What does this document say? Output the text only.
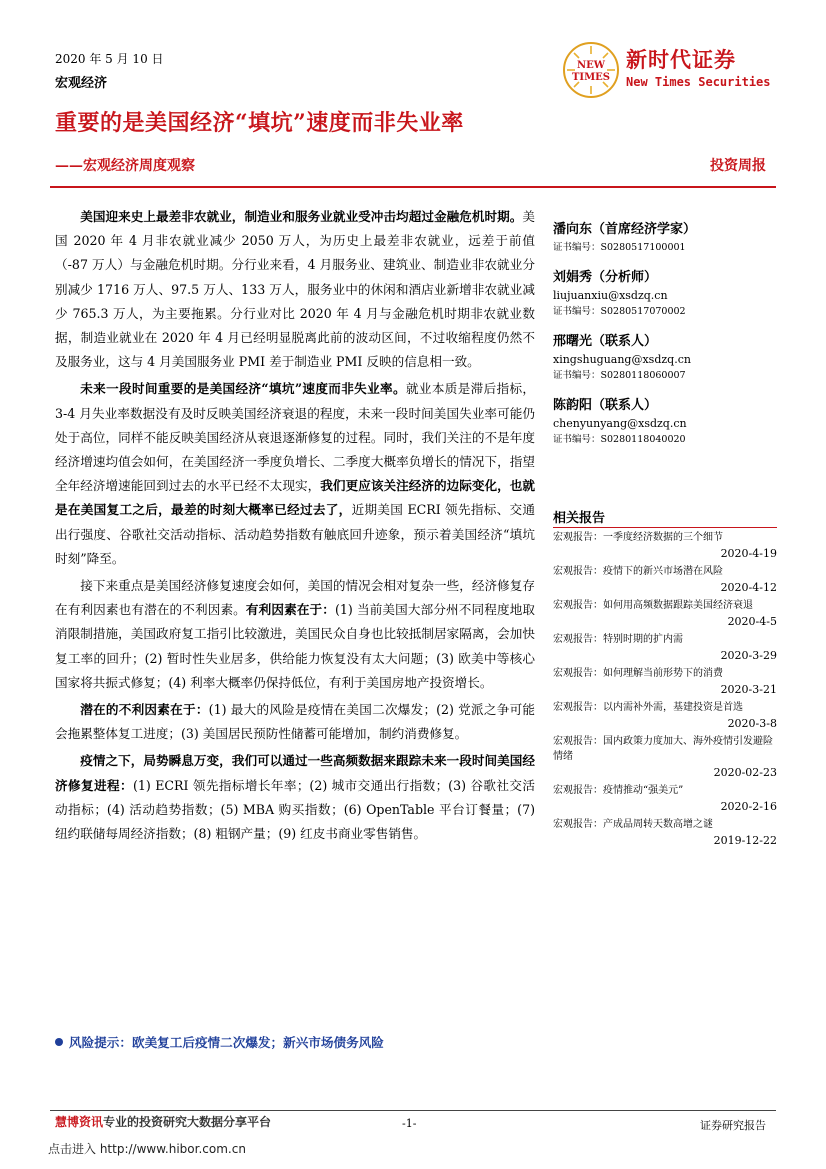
2020 年 5 月 10 日
宏观经济
重要的是美国经济“填坑”速度而非失业率
——宏观经济周度观察	投资周报
NEW
TIMES
新时代证券
New Times Securities

美国迎来史上最差非农就业，制造业和服务业就业受冲击均超过金融危机时期。美国 2020 年 4 月非农就业减少 2050 万人，为历史上最差非农就业，远差于前值（-87 万人）与金融危机时期。分行业来看，4 月服务业、建筑业、制造业非农就业分别减少 1716 万人、97.5 万人、133 万人，服务业中的休闲和酒店业新增非农就业减少 765.3 万人，为主要拖累。分行业对比 2020 年 4 月与金融危机时期非农就业数据，制造业就业在 2020 年 4 月已经明显脱离此前的波动区间，不过收缩程度仍然不及服务业，这与 4 月美国服务业 PMI 差于制造业 PMI 反映的信息相一致。

未来一段时间重要的是美国经济“填坑”速度而非失业率。就业本质是滞后指标，3-4 月失业率数据没有及时反映美国经济衰退的程度，未来一段时间美国失业率可能仍处于高位，同样不能反映美国经济从衰退逐渐修复的过程。同时，我们关注的不是年度经济增速均值会如何，在美国经济一季度负增长、二季度大概率负增长的情况下，指望全年经济增速能回到过去的水平已经不太现实，我们更应该关注经济的边际变化，也就是在美国复工之后，最差的时刻大概率已经过去了，近期美国 ECRI 领先指标、交通出行强度、谷歌社交活动指标、活动趋势指数有触底回升迹象，预示着美国经济“填坑时刻”降至。

接下来重点是美国经济修复速度会如何，美国的情况会相对复杂一些，经济修复存在有利因素也有潜在的不利因素。有利因素在于：(1) 当前美国大部分州不同程度地取消限制措施，美国政府复工指引比较激进，美国民众自身也比较抵制居家隔离，会加快复工率的回升；(2) 暂时性失业居多，供给能力恢复没有太大问题；(3) 欧美中等核心国家将共振式修复；(4) 利率大概率仍保持低位，有利于美国房地产投资增长。

潜在的不利因素在于：(1) 最大的风险是疫情在美国二次爆发；(2) 党派之争可能会拖累整体复工进度；(3) 美国居民预防性储蓄可能增加，制约消费修复。

疫情之下，局势瞬息万变，我们可以通过一些高频数据来跟踪未来一段时间美国经济修复进程：(1) ECRI 领先指标增长年率；(2) 城市交通出行指数；(3) 谷歌社交活动指标；(4) 活动趋势指数；(5) MBA 购买指数；(6) OpenTable 平台订餐量；(7) 纽约联储每周经济指数；(8) 粗钢产量；(9) 红皮书商业零售销售。

风险提示：欧美复工后疫情二次爆发；新兴市场债务风险
潘向东（首席经济学家）
证书编号：S0280517100001
刘娟秀（分析师）
liujuanxiu@xsdzq.cn
证书编号：S0280517070002
邢曙光（联系人）
xingshuguang@xsdzq.cn
证书编号：S0280118060007
陈韵阳（联系人）
chenyunyang@xsdzq.cn
证书编号：S0280118040020
相关报告
宏观报告：一季度经济数据的三个细节
2020-4-19
宏观报告：疫情下的新兴市场潜在风险
2020-4-12
宏观报告：如何用高频数据跟踪美国经济衰退
2020-4-5
宏观报告：特别时期的扩内需
2020-3-29
宏观报告：如何理解当前形势下的消费
2020-3-21
宏观报告：以内需补外需，基建投资是首选
2020-3-8
宏观报告：国内政策力度加大、海外疫情引发避险情绪
2020-02-23
宏观报告：疫情推动“强美元”
2020-2-16
宏观报告：产成品周转天数高增之谜
2019-12-22
慧博资讯专业的投资研究大数据分享平台	-1-	证券研究报告
点击进入 http://www.hibor.com.cn
